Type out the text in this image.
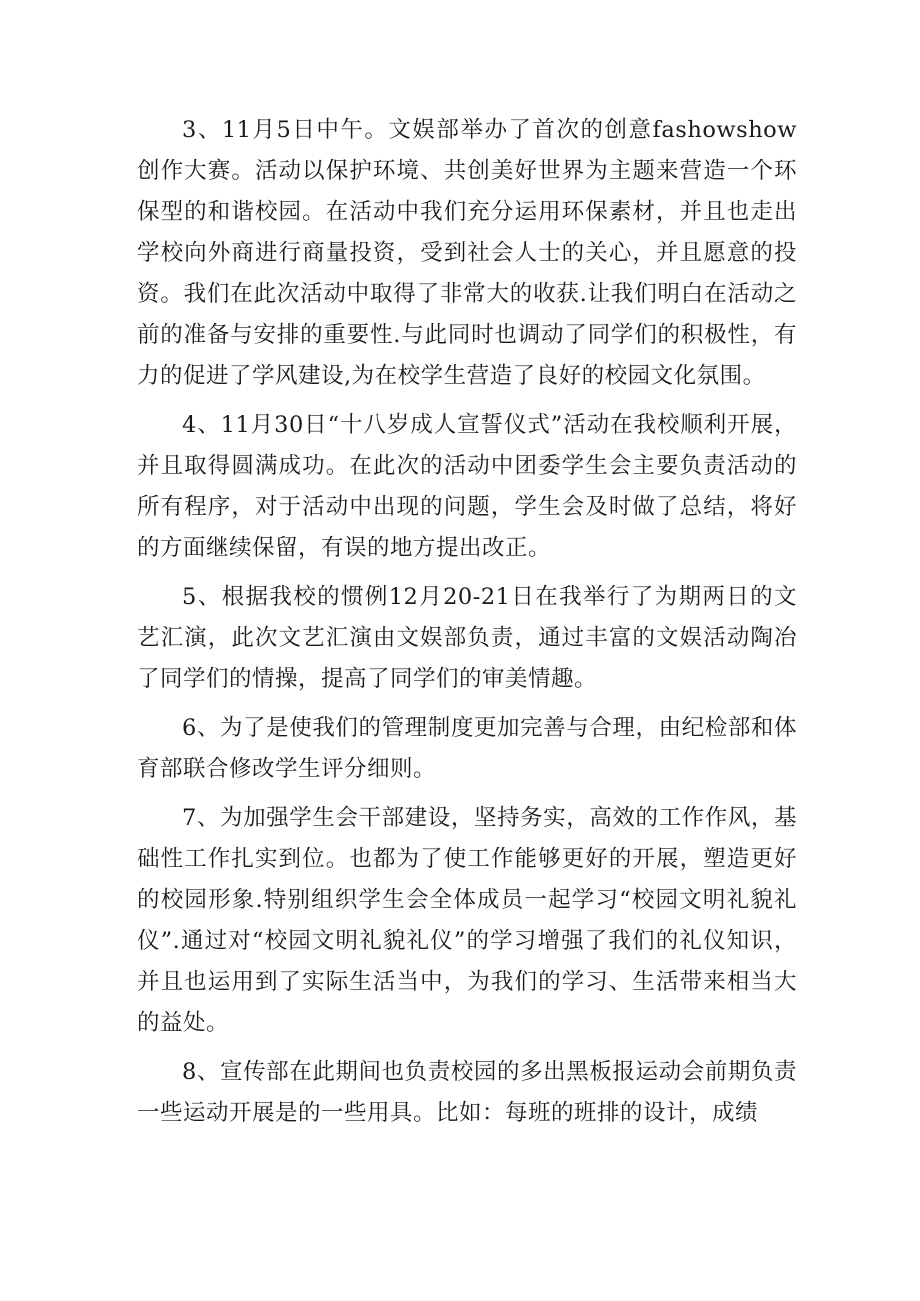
3、11月5日中午。文娱部举办了首次的创意fashowshow创作大赛。活动以保护环境、共创美好世界为主题来营造一个环保型的和谐校园。在活动中我们充分运用环保素材，并且也走出学校向外商进行商量投资，受到社会人士的关心，并且愿意的投资。我们在此次活动中取得了非常大的收获.让我们明白在活动之前的准备与安排的重要性.与此同时也调动了同学们的积极性，有力的促进了学风建设,为在校学生营造了良好的校园文化氛围。

4、11月30日“十八岁成人宣誓仪式”活动在我校顺利开展，并且取得圆满成功。在此次的活动中团委学生会主要负责活动的所有程序，对于活动中出现的问题，学生会及时做了总结，将好的方面继续保留，有误的地方提出改正。

5、根据我校的惯例12月20-21日在我举行了为期两日的文艺汇演，此次文艺汇演由文娱部负责，通过丰富的文娱活动陶冶了同学们的情操，提高了同学们的审美情趣。

6、为了是使我们的管理制度更加完善与合理，由纪检部和体育部联合修改学生评分细则。

7、为加强学生会干部建设，坚持务实，高效的工作作风，基础性工作扎实到位。也都为了使工作能够更好的开展，塑造更好的校园形象.特别组织学生会全体成员一起学习“校园文明礼貌礼仪”.通过对“校园文明礼貌礼仪”的学习增强了我们的礼仪知识，并且也运用到了实际生活当中，为我们的学习、生活带来相当大的益处。

8、宣传部在此期间也负责校园的多出黑板报运动会前期负责一些运动开展是的一些用具。比如：每班的班排的设计，成绩
